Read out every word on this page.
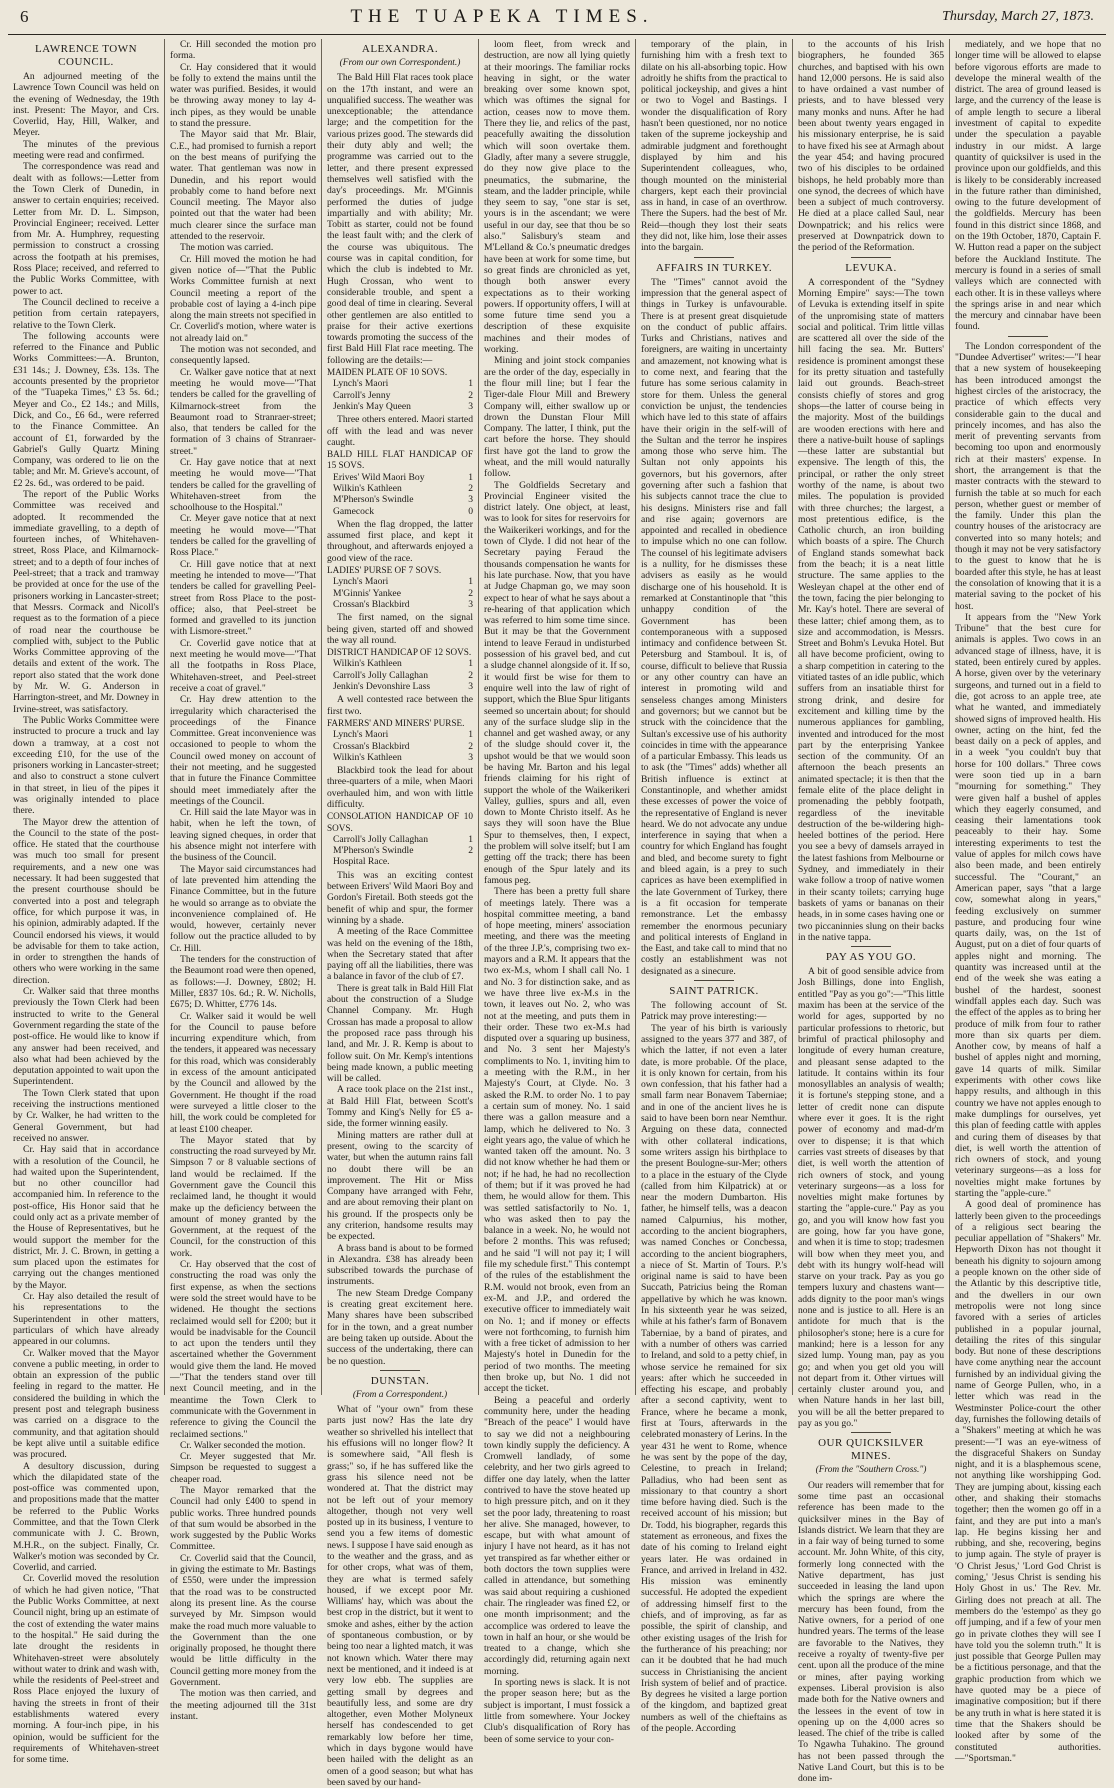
6	THE TUAPEKA TIMES.	Thursday, March 27, 1873.
LAWRENCE TOWN COUNCIL.

An adjourned meeting of the Lawrence Town Council was held on the evening of Wednesday, the 19th inst. Present: The Mayor, and Crs. Coverlid, Hay, Hill, Walker, and Meyer.

The minutes of the previous meeting were read and confirmed.

The correspondence was read and dealt with as follows:—Letter from the Town Clerk of Dunedin, in answer to certain enquiries; received. Letter from Mr. D. L. Simpson, Provincial Engineer; received. Letter from Mr. A. Humphrey, requesting permission to construct a crossing across the footpath at his premises, Ross Place; received, and referred to the Public Works Committee, with power to act.

The Council declined to receive a petition from certain ratepayers, relative to the Town Clerk.

The following accounts were referred to the Finance and Public Works Committees:—A. Brunton, £31 14s.; J. Downey, £3s. 13s. The accounts presented by the proprietor of the "Tuapeka Times," £3 5s. 6d.; Meyer and Co., £2 14s.; and Mills, Dick, and Co., £6 6d., were referred to the Finance Committee. An account of £1, forwarded by the Gabriel's Gully Quartz Mining Company, was ordered to lie on the table; and Mr. M. Grieve's account, of £2 2s. 6d., was ordered to be paid.

The report of the Public Works Committee was received and adopted. It recommended the immediate gravelling, to a depth of fourteen inches, of Whitehaven-street, Ross Place, and Kilmarnock-street; and to a depth of four inches of Peel-street; that a track and tramway be provided at once for the use of the prisoners working in Lancaster-street; that Messrs. Cormack and Nicoll's request as to the formation of a piece of road near the courthouse be complied with, subject to the Public Works Committee approving of the details and extent of the work. The report also stated that the work done by Mr. W. G. Anderson in Harrington-street, and Mr. Downey in Irvine-street, was satisfactory.

The Public Works Committee were instructed to procure a truck and lay down a tramway, at a cost not exceeding £10, for the use of the prisoners working in Lancaster-street; and also to construct a stone culvert in that street, in lieu of the pipes it was originally intended to place there.

The Mayor drew the attention of the Council to the state of the post-office. He stated that the courthouse was much too small for present requirements, and a new one was necessary. It had been suggested that the present courthouse should be converted into a post and telegraph office, for which purpose it was, in his opinion, admirably adapted. If the Council endorsed his views, it would be advisable for them to take action, in order to strengthen the hands of others who were working in the same direction.

Cr. Walker said that three months previously the Town Clerk had been instructed to write to the General Government regarding the state of the post-office. He would like to know if any answer had been received, and also what had been achieved by the deputation appointed to wait upon the Superintendent.

The Town Clerk stated that upon receiving the instructions mentioned by Cr. Walker, he had written to the General Government, but had received no answer.

Cr. Hay said that in accordance with a resolution of the Council, he had waited upon the Superintendent, but no other councillor had accompanied him. In reference to the post-office, His Honor said that he could only act as a private member of the House of Representatives, but he would support the member for the district, Mr. J. C. Brown, in getting a sum placed upon the estimates for carrying out the changes mentioned by the Mayor.

Cr. Hay also detailed the result of his representations to the Superintendent in other matters, particulars of which have already appeared in our columns.

Cr. Walker moved that the Mayor convene a public meeting, in order to obtain an expression of the public feeling in regard to the matter. He considered the building in which the present post and telegraph business was carried on a disgrace to the community, and that agitation should be kept alive until a suitable edifice was procured.

A desultory discussion, during which the dilapidated state of the post-office was commented upon, and propositions made that the matter be referred to the Public Works Committee, and that the Town Clerk communicate with J. C. Brown, M.H.R., on the subject. Finally, Cr. Walker's motion was seconded by Cr. Coverlid, and carried.

Cr. Coverlid moved the resolution of which he had given notice, "That the Public Works Committee, at next Council night, bring up an estimate of the cost of extending the water mains to the hospital." He said during the late drought the residents in Whitehaven-street were absolutely without water to drink and wash with, while the residents of Peel-street and Ross Place enjoyed the luxury of having the streets in front of their establishments watered every morning. A four-inch pipe, in his opinion, would be sufficient for the requirements of Whitehaven-street for some time.

Cr. Hill seconded the motion pro forma.

Cr. Hay considered that it would be folly to extend the mains until the water was purified. Besides, it would be throwing away money to lay 4-inch pipes, as they would be unable to stand the pressure.

The Mayor said that Mr. Blair, C.E., had promised to furnish a report on the best means of purifying the water. That gentleman was now in Dunedin, and his report would probably come to hand before next Council meeting. The Mayor also pointed out that the water had been much clearer since the surface man attended to the reservoir.

The motion was carried.

Cr. Hill moved the motion he had given notice of—"That the Public Works Committee furnish at next Council meeting a report of the probable cost of laying a 4-inch pipe along the main streets not specified in Cr. Coverlid's motion, where water is not already laid on."

The motion was not seconded, and consequently lapsed.

Cr. Walker gave notice that at next meeting he would move—"That tenders be called for the gravelling of Kilmarnock-street from the Beaumont road to Stranraer-street; also, that tenders be called for the formation of 3 chains of Stranraer-street."

Cr. Hay gave notice that at next meeting he would move—"That tenders be called for the gravelling of Whitehaven-street from the schoolhouse to the Hospital."

Cr. Meyer gave notice that at next meeting he would move—"That tenders be called for the gravelling of Ross Place."

Cr. Hill gave notice that at next meeting he intended to move—"That tenders be called for gravelling Peel-street from Ross Place to the post-office; also, that Peel-street be formed and gravelled to its junction with Lismore-street."

Cr. Coverlid gave notice that at next meeting he would move—"That all the footpaths in Ross Place, Whitehaven-street, and Peel-street receive a coat of gravel."

Cr. Hay drew attention to the irregularity which characterised the proceedings of the Finance Committee. Great inconvenience was occasioned to people to whom the Council owed money on account of their not meeting, and he suggested that in future the Finance Committee should meet immediately after the meetings of the Council.

Cr. Hill said the late Mayor was in habit, when he left the town, of leaving signed cheques, in order that his absence might not interfere with the business of the Council.

The Mayor said circumstances had of late prevented him attending the Finance Committee, but in the future he would so arrange as to obviate the inconvenience complained of. He would, however, certainly never follow out the practice alluded to by Cr. Hill.

The tenders for the construction of the Beaumont road were then opened, as follows:—J. Downey, £802; H. Miller, £837 10s. 6d.; R. W. Nicholls, £675; D. Whitter, £776 14s.

Cr. Walker said it would be well for the Council to pause before incurring expenditure which, from the tenders, it appeared was necessary for this road, which was considerably in excess of the amount anticipated by the Council and allowed by the Government. He thought if the road were surveyed a little closer to the hill, the work could be completed for at least £100 cheaper.

The Mayor stated that by constructing the road surveyed by Mr. Simpson 7 or 8 valuable sections of land would be reclaimed. If the Government gave the Council this reclaimed land, he thought it would make up the deficiency between the amount of money granted by the Government, at the request of the Council, for the construction of this work.

Cr. Hay observed that the cost of constructing the road was only the first expense, as when the sections were sold the street would have to be widened. He thought the sections reclaimed would sell for £200; but it would be inadvisable for the Council to act upon the tenders until they ascertained whether the Government would give them the land. He moved —"That the tenders stand over till next Council meeting, and in the meantime the Town Clerk to communicate with the Government in reference to giving the Council the reclaimed sections."

Cr. Walker seconded the motion.

Cr. Meyer suggested that Mr. Simpson be requested to suggest a cheaper road.

The Mayor remarked that the Council had only £400 to spend in public works. Three hundred pounds of that sum would be absorbed in the work suggested by the Public Works Committee.

Cr. Coverlid said that the Council, in giving the estimate to Mr. Bastings of £550, were under the impression that the road was to be constructed along its present line. As the course surveyed by Mr. Simpson would make the road much more valuable to the Government than the one originally proposed, he thought there would be little difficulty in the Council getting more money from the Government.

The motion was then carried, and the meeting adjourned till the 31st instant.

ALEXANDRA.
(From our own Correspondent.)

The Bald Hill Flat races took place on the 17th instant, and were an unqualified success. The weather was unexceptionable; the attendance large; and the competition for the various prizes good. The stewards did their duty ably and well; the programme was carried out to the letter, and there present expressed themselves well satisfied with the day's proceedings. Mr. M'Ginnis performed the duties of judge impartially and with ability; Mr. Tobitt as starter, could not be found the least fault with; and the clerk of the course was ubiquitous. The course was in capital condition, for which the club is indebted to Mr. Hugh Crossan, who went to considerable trouble, and spent a good deal of time in clearing. Several other gentlemen are also entitled to praise for their active exertions towards promoting the success of the first Bald Hill Flat race meeting. The following are the details:—

MAIDEN PLATE OF 10 SOVS.
Lynch's Maori	1
Carroll's Jenny	2
Jenkin's May Queen	3

Three others entered. Maori started off with the lead and was never caught.

BALD HILL FLAT HANDICAP OF 15 SOVS.
Erives' Wild Maori Boy	1
Wilkin's Kathleen	2
M'Pherson's Swindle	3
Gamecock	0

When the flag dropped, the latter assumed first place, and kept it throughout, and afterwards enjoyed a good view of the race.

LADIES' PURSE OF 7 SOVS.
Lynch's Maori	1
M'Ginnis' Yankee	2
Crossan's Blackbird	3

The first named, on the signal being given, started off and showed the way all round.

DISTRICT HANDICAP OF 12 SOVS.
Wilkin's Kathleen	1
Carroll's Jolly Callaghan	2
Jenkin's Devonshire Lass	3

A well contested race between the first two.

FARMERS' AND MINERS' PURSE.
Lynch's Maori	1
Crossan's Blackbird	2
Wilkin's Kathleen	3

Blackbird took the lead for about three-quarters of a mile, when Maori overhauled him, and won with little difficulty.

CONSOLATION HANDICAP OF 10 SOVS.
Carroll's Jolly Callaghan	1
M'Pherson's Swindle	2
Hospital Race.

This was an exciting contest between Erivers' Wild Maori Boy and Gordon's Firetail. Both steeds got the benefit of whip and spur, the former winning by a shade.

A meeting of the Race Committee was held on the evening of the 18th, when the Secretary stated that after paying off all the liabilities, there was a balance in favor of the club of £7.

There is great talk in Bald Hill Flat about the construction of a Sludge Channel Company. Mr. Hugh Crossan has made a proposal to allow the proposed race pass through his land, and Mr. J. R. Kemp is about to follow suit. On Mr. Kemp's intentions being made known, a public meeting will be called.

A race took place on the 21st inst., at Bald Hill Flat, between Scott's Tommy and King's Nelly for £5 a-side, the former winning easily.

Mining matters are rather dull at present, owing to the scarcity of water, but when the autumn rains fall no doubt there will be an improvement. The Hit or Miss Company have arranged with Fehr, and are about removing their plant on his ground. If the prospects only be any criterion, handsome results may be expected.

A brass band is about to be formed in Alexandra. £38 has already been subscribed towards the purchase of instruments.

The new Steam Dredge Company is creating great excitement here. Many shares have been subscribed for in the town, and a great number are being taken up outside. About the success of the undertaking, there can be no question.

DUNSTAN.
(From a Correspondent.)

What of "your own" from these parts just now? Has the late dry weather so shrivelled his intellect that his effusions will no longer flow? It is somewhere said, "All flesh is grass;" so, if he has suffered like the grass his silence need not be wondered at. That the district may not be left out of your memory altogether, though not very well posted up in its business, I venture to send you a few items of domestic news. I suppose I have said enough as to the weather and the grass, and as for other crops, what was of them, they are what is termed safely housed, if we except poor Mr. Williams' hay, which was about the best crop in the district, but it went to smoke and ashes, either by the action of spontaneous combustion, or by being too near a lighted match, it was not known which. Water there may next be mentioned, and it indeed is at very low ebb. The supplies are getting small by degrees and beautifully less, and some are dry altogether, even Mother Molyneux herself has condescended to get remarkably low before her time, which in days bygone would have been hailed with the delight as an omen of a good season; but what has been saved by our hand-

loom fleet, from wreck and destruction, are now all lying quietly at their moorings. The familiar rocks heaving in sight, or the water breaking over some known spot, which was oftimes the signal for action, ceases now to move them. There they lie, and relics of the past, peacefully awaiting the dissolution which will soon overtake them. Gladly, after many a severe struggle, do they now give place to the pneumatics, the submarine, the steam, and the ladder principle, while they seem to say, "one star is set, yours is in the ascendant; we were useful in our day, see that thou be so also." Salisbury's steam and M'Lelland & Co.'s pneumatic dredges have been at work for some time, but so great finds are chronicled as yet, though both answer every expectations as to their working powers. If opportunity offers, I will at some future time send you a description of these exquisite machines and their modes of working.

Mining and joint stock companies are the order of the day, especially in the flour mill line; but I fear the Tiger-dale Flour Mill and Brewery Company will, either swallow up or drown the Dunstan Flour Mill Company. The latter, I think, put the cart before the horse. They should first have got the land to grow the wheat, and the mill would naturally follow.

The Goldfields Secretary and Provincial Engineer visited the district lately. One object, at least, was to look for sites for reservoirs for the Waikerikeri workings, and for the town of Clyde. I did not hear of the Secretary paying Feraud the thousands compensation he wants for his late purchase. Now, that you have at Judge Chapman go, we may soon expect to hear of what he says about a re-hearing of that application which was referred to him some time since. But it may be that the Government intend to leave Feraud in undisturbed possession of his gravel bed, and cut a sludge channel alongside of it. If so, it would first be wise for them to enquire well into the law of right of support, which the Blue Spur litigants seemed so uncertain about; for should any of the surface sludge slip in the channel and get washed away, or any of the sludge should cover it, the upshot would be that we would soon be having Mr. Barton and his legal friends claiming for his right of support the whole of the Waikerikeri Valley, gullies, spurs and all, even down to Monte Christo itself. As he says they will soon have the Blue Spur to themselves, then, I expect, the problem will solve itself; but I am getting off the track; there has been enough of the Spur lately and its famous peg.

There has been a pretty full share of meetings lately. There was a hospital committee meeting, a band of hope meeting, miners' association meeting, and there was the meeting of the three J.P.'s, comprising two ex-mayors and a R.M. It appears that the two ex-M.s, whom I shall call No. 1 and No. 3 for distinction sake, and as we have three live ex-M.s in the town, it leaves out No. 2, who was not at the meeting, and puts them in their order. These two ex-M.s had disputed over a squaring up business, and No. 3 sent her Majesty's compliments to No. 1, inviting him to a meeting with the R.M., in her Majesty's Court, at Clyde. No. 3 asked the R.M. to order No. 1 to pay a certain sum of money. No. 1 said there was a gallon measure and a lamp, which he delivered to No. 3 eight years ago, the value of which he wanted taken off the amount. No. 3 did not know whether he had them or not; if he had, he had no recollection of them; but if it was proved he had them, he would allow for them. This was settled satisfactorily to No. 1, who was asked then to pay the balance in a week. No, he would not before 2 months. This was refused; and he said "I will not pay it; I will file my schedule first." This contempt of the rules of the establishment the R.M. would not brook, even from an ex-M. and J.P., and ordered the executive officer to immediately wait on No. 1; and if money or effects were not forthcoming, to furnish him with a free ticket of admission to her Majesty's hotel in Dunedin for the period of two months. The meeting then broke up, but No. 1 did not accept the ticket.

Being a peaceful and orderly community here, under the heading "Breach of the peace" I would have to say we did not a neighbouring town kindly supply the deficiency. A Cromwell landlady, of some celebrity, and her two girls agreed to differ one day lately, when the latter contrived to have the stove heated up to high pressure pitch, and on it they set the poor lady, threatening to roast her alive. She managed, however, to escape, but with what amount of injury I have not heard, as it has not yet transpired as far whether either or both doctors the town supplies were called in attendance, but something was said about requiring a cushioned chair. The ringleader was fined £2, or one month imprisonment; and the accomplice was ordered to leave the town in half an hour, or she would be treated to a change, which she accordingly did, returning again next morning.

In sporting news is slack. It is not the proper season here; but as the subject is important, I must fossick a little from somewhere. Your Jockey Club's disqualification of Rory has been of some service to your con-

temporary of the plain, in furnishing him with a fresh text to dilate on his all-absorbing topic. How adroitly he shifts from the practical to political jockeyship, and gives a hint or two to Vogel and Bastings. I wonder the disqualification of Rory hasn't been questioned, nor no notice taken of the supreme jockeyship and admirable judgment and forethought displayed by him and his Superintendent colleagues, who, though mounted on the ministerial chargers, kept each their provincial ass in hand, in case of an overthrow. There the Supers. had the best of Mr. Reid—though they lost their seats they did not, like him, lose their asses into the bargain.

AFFAIRS IN TURKEY.

The "Times" cannot avoid the impression that the general aspect of things in Turkey is unfavourable. There is at present great disquietude on the conduct of public affairs. Turks and Christians, natives and foreigners, are waiting in uncertainty and amazement, not knowing what is to come next, and fearing that the future has some serious calamity in store for them. Unless the general conviction be unjust, the tendencies which have led to this state of affairs have their origin in the self-will of the Sultan and the terror he inspires among those who serve him. The Sultan not only appoints his governors, but his governors, after governing after such a fashion that his subjects cannot trace the clue to his designs. Ministers rise and fall and rise again; governors are appointed and recalled in obedience to impulse which no one can follow. The counsel of his legitimate advisers is a nullity, for he dismisses these advisers as easily as he would discharge one of his household. It is remarked at Constantinople that "this unhappy condition of the Government has been contemporaneous with a supposed intimacy and confidence between St. Petersburg and Stamboul. It is, of course, difficult to believe that Russia or any other country can have an interest in promoting wild and senseless changes among Ministers and governors; but we cannot but be struck with the coincidence that the Sultan's excessive use of his authority coincides in time with the appearance of a particular Embassy. This leads us to ask (the "Times" adds) whether all British influence is extinct at Constantinople, and whether amidst these excesses of power the voice of the representative of England is never heard. We do not advocate any undue interference in saying that when a country for which England has fought and bled, and become surety to fight and bleed again, is a prey to such caprices as have been exemplified in the late Government of Turkey, there is a fit occasion for temperate remonstrance. Let the embassy remember the enormous pecuniary and political interests of England in the East, and take call to mind that no costly an establishment was not designated as a sinecure.

SAINT PATRICK.

The following account of St. Patrick may prove interesting:—

The year of his birth is variously assigned to the years 377 and 387, of which the latter, if not even a later date, is more probable. Of the place, it is only known for certain, from his own confession, that his father had a small farm near Bonavem Taberniae; and in one of the ancient lives he is said to have been born near Nemthur. Arguing on these data, connected with other collateral indications, some writers assign his birthplace to the present Boulogne-sur-Mer; others to a place in the estuary of the Clyde (called from him Kilpatrick) at or near the modern Dumbarton. His father, he himself tells, was a deacon named Calpurnius, his mother, according to the ancient biographers, was named Conches or Concbessa, according to the ancient biographers, a niece of St. Martin of Tours. P.'s original name is said to have been Succath, Patricius being the Roman appellative by which he was known. In his sixteenth year he was seized, while at his father's farm of Bonavem Taberniae, by a band of pirates, and with a number of others was carried to Ireland, and sold to a petty chief, in whose service he remained for six years: after which he succeeded in effecting his escape, and probably after a second captivity, went to France, where he became a monk, first at Tours, afterwards in the celebrated monastery of Lerins. In the year 431 he went to Rome, whence he was sent by the pope of the day, Celestine, to preach in Ireland; Palladius, who had been sent as missionary to that country a short time before having died. Such is the received account of his mission; but Dr. Todd, his biographer, regards this statement as erroneous, and fixes the date of his coming to Ireland eight years later. He was ordained in France, and arrived in Ireland in 432. His mission was eminently successful. He adopted the expedient of addressing himself first to the chiefs, and of improving, as far as possible, the spirit of clanship, and other existing usages of the Irish for the furtherance of his preaching; nor can it be doubted that he had much success in Christianising the ancient Irish system of belief and of practice. By degrees he visited a large portion of the kingdom, and baptized great numbers as well of the chieftains as of the people. According

to the accounts of his Irish biographers, he founded 365 churches, and baptised with his own hand 12,000 persons. He is said also to have ordained a vast number of priests, and to have blessed very many monks and nuns. After he had been about twenty years engaged in his missionary enterprise, he is said to have fixed his see at Armagh about the year 454; and having procured two of his disciples to be ordained bishops, he held probably more than one synod, the decrees of which have been a subject of much controversy. He died at a place called Saul, near Downpatrick; and his relics were preserved at Downpatrick down to the period of the Reformation.

LEVUKA.

A correspondent of the "Sydney Morning Empire" says:—The town of Levuka is extending itself in spite of the unpromising state of matters social and political. Trim little villas are scattered all over the side of the hill facing the sea. Mr. Butters' residence is prominent amongst these for its pretty situation and tastefully laid out grounds. Beach-street consists chiefly of stores and grog shops—the latter of course being in the majority. Most of the buildings are wooden erections with here and there a native-built house of saplings—these latter are substantial but expensive. The length of this, the principal, or rather the only street worthy of the name, is about two miles. The population is provided with three churches; the largest, a most pretentious edifice, is the Catholic church, an iron building which boasts of a spire. The Church of England stands somewhat back from the beach; it is a neat little structure. The same applies to the Wesleyan chapel at the other end of the town, facing the pier belonging to Mr. Kay's hotel. There are several of these latter; chief among them, as to size and accommodation, is Messrs. Street and Bohm's Levuka Hotel. But all have become proficient, owing to a sharp competition in catering to the vitiated tastes of an idle public, which suffers from an insatiable thirst for strong drink, and desire for excitement and killing time by the numerous appliances for gambling, invented and introduced for the most part by the enterprising Yankee section of the community. Of an afternoon the beach presents an animated spectacle; it is then that the female elite of the place delight in promenading the pebbly footpath, regardless of the inevitable destruction of the be-wildering high-heeled bottines of the period. Here you see a bevy of damsels arrayed in the latest fashions from Melbourne or Sydney, and immediately in their wake follow a troop of native women in their scanty toilets; carrying huge baskets of yams or bananas on their heads, in in some cases having one or two piccaninnies slung on their backs in the native tappa.

PAY AS YOU GO.

A bit of good sensible advice from Josh Billings, done into English, entitled "Pay as you go":—"This little maxim has been at the service of the world for ages, supported by no particular professions to rhetoric, but brimful of practical philosophy and longitude of every human creature, and pleasant sense adapted to the latitude. It contains within its four monosyllables an analysis of wealth; it is fortune's stepping stone, and a letter of credit none can dispute where ever it goes. It is the right power of economy and mad-dr'm over to dispense; it is that which carries vast streets of diseases by that diet, is well worth the attention of rich owners of stock, and young veterinary surgeons—as a loss for novelties might make fortunes by starting the "apple-cure." Pay as you go, and you will know how fast you are going, how far you have gone, and when it is time to stop; tradesmen will bow when they meet you, and debt with its hungry wolf-head will starve on your track. Pay as you go tempers luxury and chastens want—adds dignity to the poor man's wings none and is justice to all. Here is an antidote for much that is the philosopher's stone; here is a cure for mankind; here is a lesson for any sized lump. Young man, pay as you go; and when you get old you will not depart from it. Other virtues will certainly cluster around you, and when Nature hands in her last bill, you will be all the better prepared to pay as you go."

OUR QUICKSILVER MINES.
(From the "Southern Cross.")

Our readers will remember that for some time past an occasional reference has been made to the quicksilver mines in the Bay of Islands district. We learn that they are in a fair way of being turned to some account. Mr. John White, of this city, formerly long connected with the Native department, has just succeeded in leasing the land upon which the springs are where the mercury has been found, from the Native owners, for a period of one hundred years. The terms of the lease are favorable to the Natives, they receive a royalty of twenty-five per cent. upon all the produce of the mine or mines, after paying working expenses. Liberal provision is also made both for the Native owners and the lessees in the event of tow in opening up on the 4,000 acres so leased. The chief of the tribe is called To Ngawha Tuhakino. The ground has not been passed through the Native Land Court, but this is to be done im-

mediately, and we hope that no longer time will be allowed to elapse before vigorous efforts are made to develope the mineral wealth of the district. The area of ground leased is large, and the currency of the lease is of ample length to secure a liberal investment of capital to expedite under the speculation a payable industry in our midst. A large quantity of quicksilver is used in the province upon our goldfields, and this is likely to be considerably increased in the future rather than diminished, owing to the future development of the goldfields. Mercury has been found in this district since 1868, and on the 19th October, 1870, Captain F. W. Hutton read a paper on the subject before the Auckland Institute. The mercury is found in a series of small valleys which are connected with each other. It is in these valleys where the springs arise in and near which the mercury and cinnabar have been found.

The London correspondent of the "Dundee Advertiser" writes:—"I hear that a new system of housekeeping has been introduced amongst the highest circles of the aristocracy, the practice of which effects very considerable gain to the ducal and princely incomes, and has also the merit of preventing servants from becoming too upon and enormously rich at their masters' expense. In short, the arrangement is that the master contracts with the steward to furnish the table at so much for each person, whether guest or member of the family. Under this plan the country houses of the aristocracy are converted into so many hotels; and though it may not be very satisfactory to the guest to know that he is boarded after this style, he has at least the consolation of knowing that it is a material saving to the pocket of his host.

It appears from the "New York Tribune" that the best cure for animals is apples. Two cows in an advanced stage of illness, have, it is stated, been entirely cured by apples. A horse, given over by the veterinary surgeons, and turned out in a field to die, got across to an apple tree, ate what he wanted, and immediately showed signs of improved health. His owner, acting on the hint, fed the beast daily on a peck of apples, and in a week "you couldn't buy that horse for 100 dollars." Three cows were soon tied up in a barn "mourning for something." They were given half a bushel of apples which they eagerly consumed, and ceasing their lamentations took peaceably to their hay. Some interesting experiments to test the value of apples for milch cows have also been made, and been entirely successful. The "Courant," an American paper, says "that a large cow, somewhat along in years," feeding exclusively on summer pasture, and producing four wine quarts daily, was, on the 1st of August, put on a diet of four quarts of apples night and morning. The quantity was increased until at the end of the week she was eating a bushel of the hardest, soonest windfall apples each day. Such was the effect of the apples as to bring her produce of milk from four to rather more than six quarts per diem. Another cow, by means of half a bushel of apples night and morning, gave 14 quarts of milk. Similar experiments with other cows like happy results, and although in this country we have not apples enough to make dumplings for ourselves, yet this plan of feeding cattle with apples and curing them of diseases by that diet, is well worth the attention of rich owners of stock, and young veterinary surgeons—as a loss for novelties might make fortunes by starting the "apple-cure."

A good deal of prominence has latterly been given to the proceedings of a religious sect bearing the peculiar appellation of "Shakers" Mr. Hepworth Dixon has not thought it beneath his dignity to sojourn among a people known on the other side of the Atlantic by this descriptive title, and the dwellers in our own metropolis were not long since favored with a series of articles published in a popular journal, detailing the rites of this singular body. But none of these descriptions have come anything near the account furnished by an individual giving the name of George Pullen, who, in a letter which was read in the Westminster Police-court the other day, furnishes the following details of a "Shakers" meeting at which he was present:—"I was an eye-witness of the disgraceful Shakers on Sunday night, and it is a blasphemous scene, not anything like worshipping God. They are jumping about, kissing each other, and shaking their stomachs together; then the women go off in a faint, and they are put into a man's lap. He begins kissing her and rubbing, and she, recovering, begins to jump again. The style of prayer is 'O Christ Jesus,' 'Lord God Christ is coming,' 'Jesus Christ is sending his Holy Ghost in us.' The Rev. Mr. Girling does not preach at all. The members do the 'estempo' as they go off jumping, and if a few of your men go in private clothes they will see I have told you the solemn truth." It is just possible that George Pullen may be a fictitious personage, and that the graphic production from which we have quoted may be a piece of imaginative composition; but if there be any truth in what is here stated it is time that the Shakers should be looked after by some of the constituted authorities.—"Sportsman."
